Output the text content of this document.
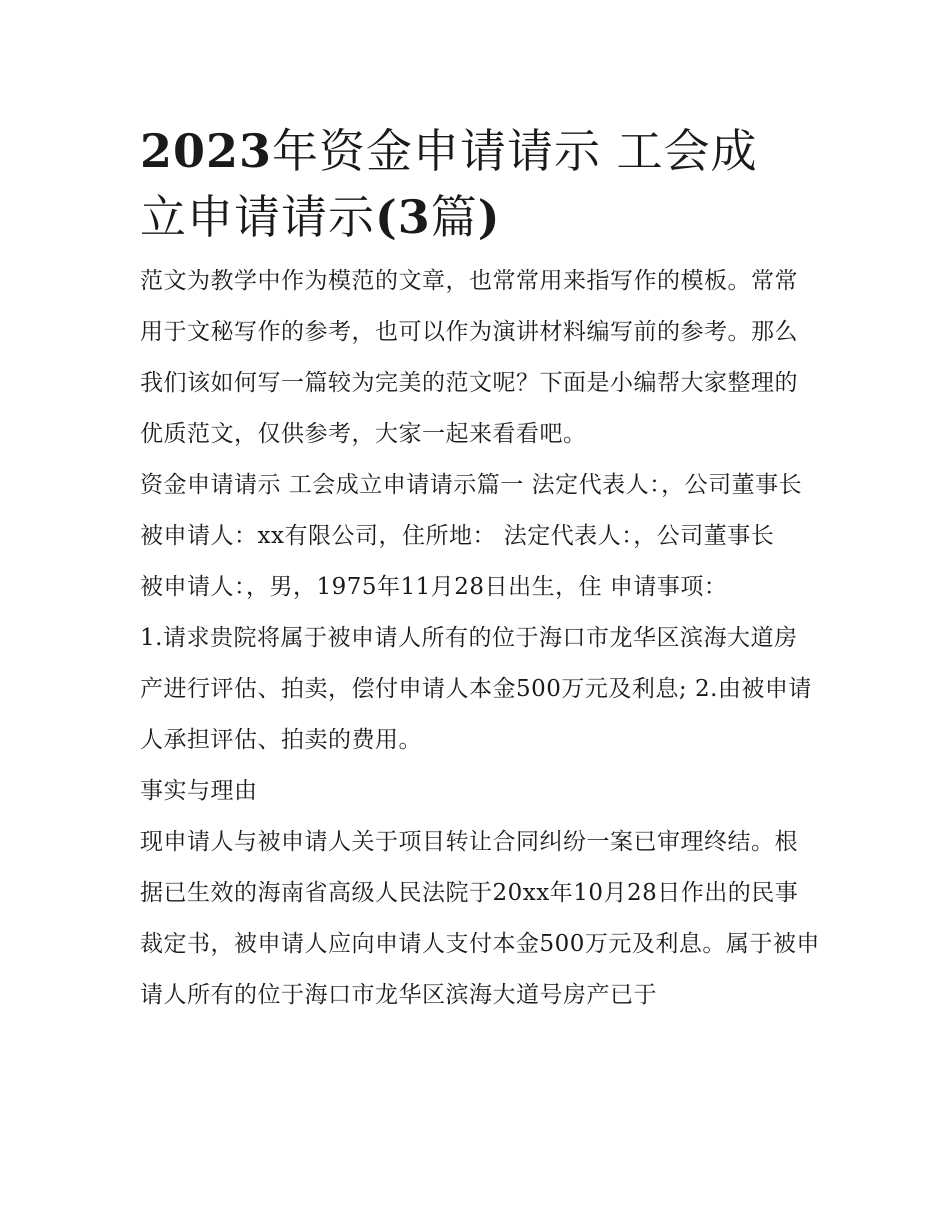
2023年资金申请请示 工会成
立申请请示(3篇)

范文为教学中作为模范的文章，也常常用来指写作的模板。常常用于文秘写作的参考，也可以作为演讲材料编写前的参考。那么我们该如何写一篇较为完美的范文呢？下面是小编帮大家整理的优质范文，仅供参考，大家一起来看看吧。

资金申请请示 工会成立申请请示篇一 法定代表人：，公司董事长 被申请人：xx有限公司，住所地： 法定代表人：，公司董事长

被申请人：，男，1975年11月28日出生，住 申请事项：

1.请求贵院将属于被申请人所有的位于海口市龙华区滨海大道房产进行评估、拍卖，偿付申请人本金500万元及利息; 2.由被申请人承担评估、拍卖的费用。

事实与理由

现申请人与被申请人关于项目转让合同纠纷一案已审理终结。根据已生效的海南省高级人民法院于20xx年10月28日作出的民事裁定书，被申请人应向申请人支付本金500万元及利息。属于被申请人所有的位于海口市龙华区滨海大道号房产已于
